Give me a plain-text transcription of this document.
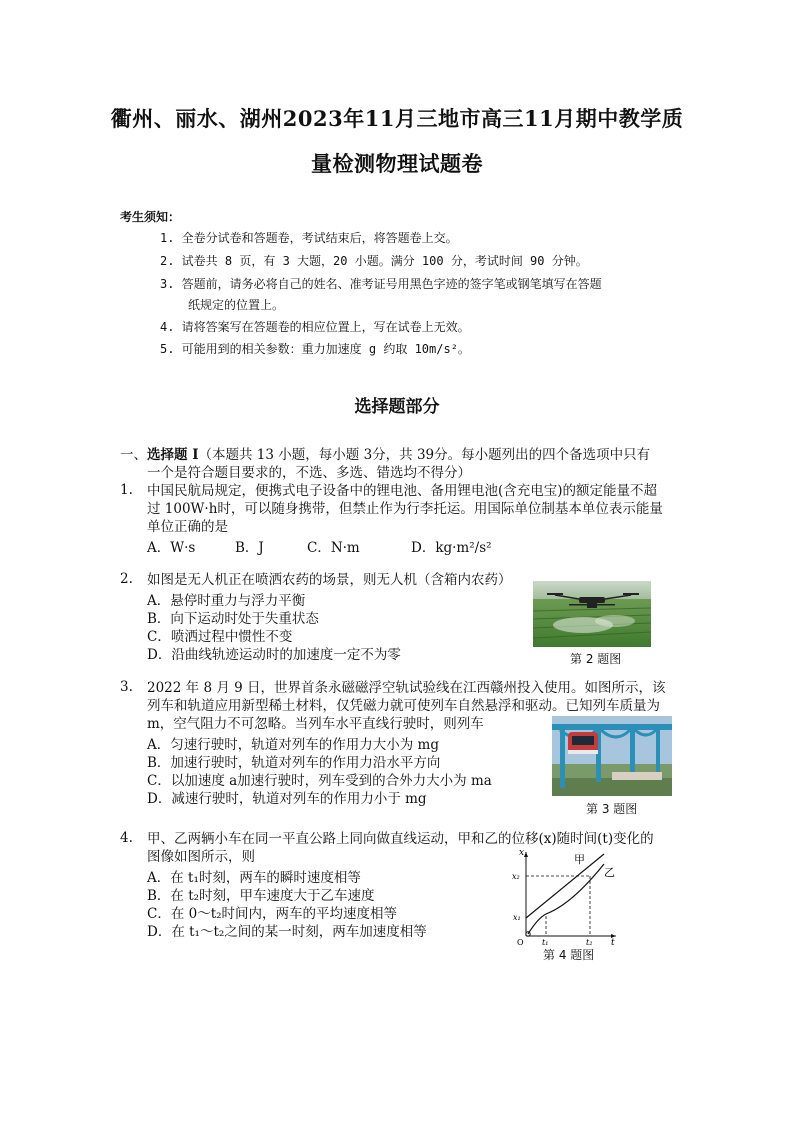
衢州、丽水、湖州2023年11月三地市高三11月期中教学质
量检测物理试题卷
考生须知：
1. 全卷分试卷和答题卷，考试结束后，将答题卷上交。
2. 试卷共 8 页，有 3 大题，20 小题。满分 100 分，考试时间 90 分钟。
3. 答题前，请务必将自己的姓名、准考证号用黑色字迹的签字笔或钢笔填写在答题
纸规定的位置上。
4. 请将答案写在答题卷的相应位置上，写在试卷上无效。
5. 可能用到的相关参数：重力加速度 g 约取 10m/s²。
选择题部分
一、选择题 I（本题共 13 小题，每小题 3分，共 39分。每小题列出的四个备选项中只有
一个是符合题目要求的，不选、多选、错选均不得分）
1. 中国民航局规定，便携式电子设备中的锂电池、备用锂电池(含充电宝)的额定能量不超
过 100W·h时，可以随身携带，但禁止作为行李托运。用国际单位制基本单位表示能量
单位正确的是
A．W·s	B．J	C．N·m	D．kg·m²/s²
2. 如图是无人机正在喷洒农药的场景，则无人机（含箱内农药）
A．悬停时重力与浮力平衡
B．向下运动时处于失重状态
C．喷洒过程中惯性不变
D．沿曲线轨迹运动时的加速度一定不为零	第 2 题图
3. 2022 年 8 月 9 日，世界首条永磁磁浮空轨试验线在江西赣州投入使用。如图所示，该
列车和轨道应用新型稀土材料，仅凭磁力就可使列车自然悬浮和驱动。已知列车质量为
m，空气阻力不可忽略。当列车水平直线行驶时，则列车
A．匀速行驶时，轨道对列车的作用力大小为 mg
B．加速行驶时，轨道对列车的作用力沿水平方向
C．以加速度 a加速行驶时，列车受到的合外力大小为 ma
D．减速行驶时，轨道对列车的作用力小于 mg
第 3 题图
4. 甲、乙两辆小车在同一平直公路上同向做直线运动，甲和乙的位移(x)随时间(t)变化的
图像如图所示，则
A．在 t₁时刻，两车的瞬时速度相等
B．在 t₂时刻，甲车速度大于乙车速度
C．在 0～t₂时间内，两车的平均速度相等
D．在 t₁～t₂之间的某一时刻，两车加速度相等
x
t
O
x₂
x₁
t₁	t₂
甲
乙
第 4 题图
